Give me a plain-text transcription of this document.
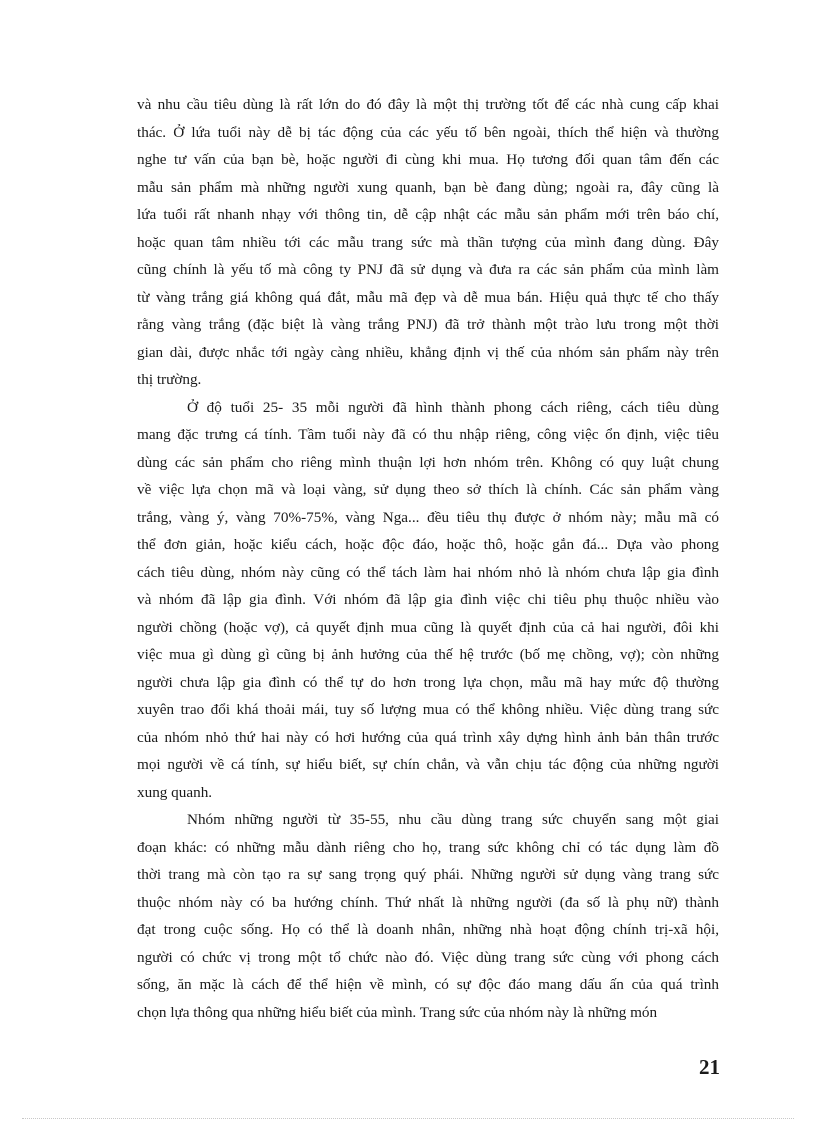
và nhu cầu tiêu dùng là rất lớn do đó đây là một thị trường tốt để các nhà cung cấp khai
thác. Ở lứa tuổi này dễ bị tác động của các yếu tố bên ngoài, thích thể hiện và thường
nghe tư vấn của bạn bè, hoặc người đi cùng khi mua. Họ tương đối quan tâm đến các
mẫu sản phẩm mà những người xung quanh, bạn bè đang dùng; ngoài ra, đây cũng là
lứa tuổi rất nhanh nhạy với thông tin, dễ cập nhật các mẫu sản phẩm mới trên báo chí,
hoặc quan tâm nhiều tới các mẫu trang sức mà thần tượng của mình đang dùng. Đây
cũng chính là yếu tố mà công ty PNJ đã sử dụng và đưa ra các sản phẩm của mình làm
từ vàng trắng giá không quá đắt, mẫu mã đẹp và dễ mua bán. Hiệu quả thực tế cho thấy
rằng vàng trắng (đặc biệt là vàng trắng PNJ) đã trở thành một trào lưu trong một thời
gian dài, được nhắc tới ngày càng nhiều, khẳng định vị thế của nhóm sản phẩm này trên
thị trường.
Ở độ tuổi 25- 35 mỗi người đã hình thành phong cách riêng, cách tiêu dùng
mang đặc trưng cá tính. Tầm tuổi này đã có thu nhập riêng, công việc ổn định, việc tiêu
dùng các sản phẩm cho riêng mình thuận lợi hơn nhóm trên. Không có quy luật chung
về việc lựa chọn mã và loại vàng, sử dụng theo sở thích là chính. Các sản phẩm vàng
trắng, vàng ý, vàng 70%-75%, vàng Nga... đều tiêu thụ được ở nhóm này; mẫu mã có
thể đơn giản, hoặc kiểu cách, hoặc độc đáo, hoặc thô, hoặc gắn đá... Dựa vào phong
cách tiêu dùng, nhóm này cũng có thể tách làm hai nhóm nhỏ là nhóm chưa lập gia đình
và nhóm đã lập gia đình. Với nhóm đã lập gia đình việc chi tiêu phụ thuộc nhiều vào
người chồng (hoặc vợ), cả quyết định mua cũng là quyết định của cả hai người, đôi khi
việc mua gì dùng gì cũng bị ảnh hưởng của thế hệ trước (bố mẹ chồng, vợ); còn những
người chưa lập gia đình có thể tự do hơn trong lựa chọn, mẫu mã hay mức độ thường
xuyên trao đổi khá thoải mái, tuy số lượng mua có thể không nhiều. Việc dùng trang sức
của nhóm nhỏ thứ hai này có hơi hướng của quá trình xây dựng hình ảnh bản thân trước
mọi người về cá tính, sự hiểu biết, sự chín chắn, và vẫn chịu tác động của những người
xung quanh.
Nhóm những người từ 35-55, nhu cầu dùng trang sức chuyển sang một giai
đoạn khác: có những mẫu dành riêng cho họ, trang sức không chỉ có tác dụng làm đồ
thời trang mà còn tạo ra sự sang trọng quý phái. Những người sử dụng vàng trang sức
thuộc nhóm này có ba hướng chính. Thứ nhất là những người (đa số là phụ nữ) thành
đạt trong cuộc sống. Họ có thể là doanh nhân, những nhà hoạt động chính trị-xã hội,
người có chức vị trong một tổ chức nào đó. Việc dùng trang sức cùng với phong cách
sống, ăn mặc là cách để thể hiện về mình, có sự độc đáo mang dấu ấn của quá trình
chọn lựa thông qua những hiểu biết của mình. Trang sức của nhóm này là những món
21
